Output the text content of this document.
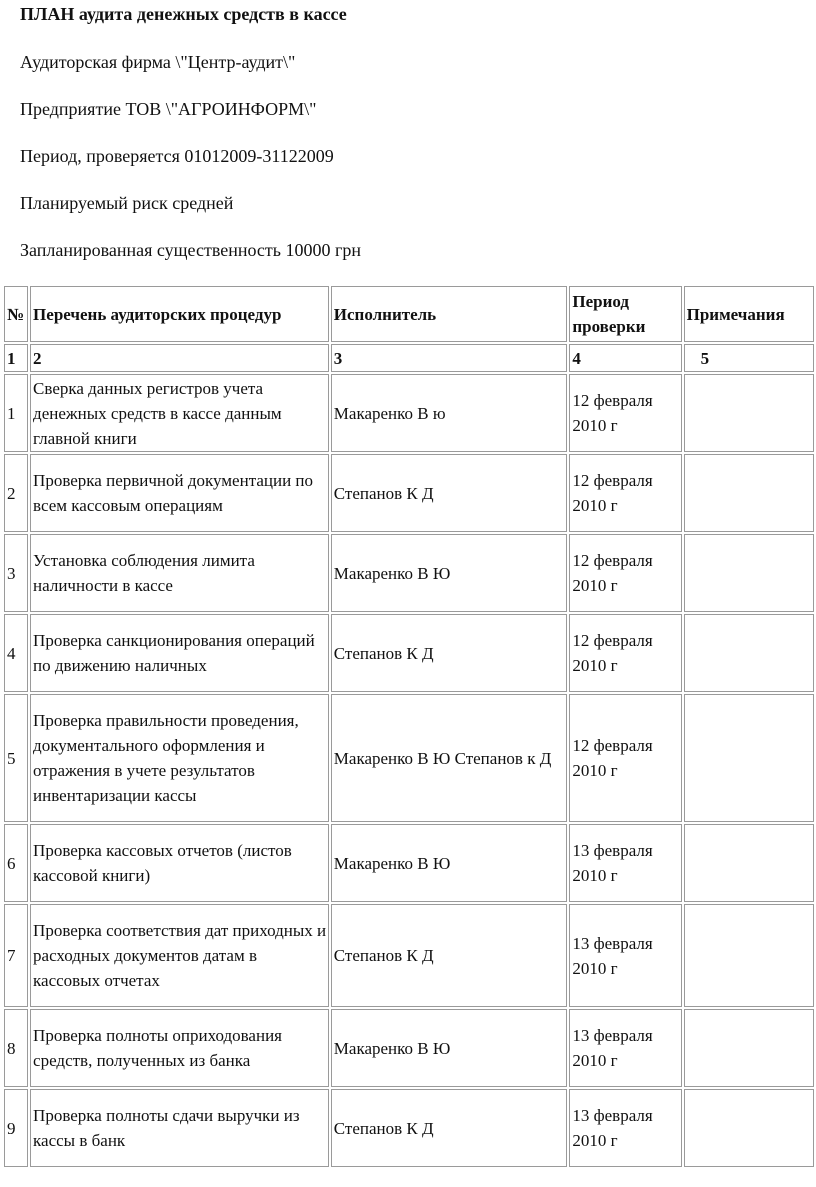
ПЛАН аудита денежных средств в кассе
Аудиторская фирма \"Центр-аудит\"
Предприятие ТОВ \"АГРОИНФОРМ\"
Период, проверяется 01012009-31122009
Планируемый риск средней
Запланированная существенность 10000 грн
№	Перечень аудиторских процедур	Исполнитель	Период проверки	Примечания
1	2	3	4	5
1	Сверка данных регистров учета денежных средств в кассе данным главной книги	Макаренко В ю	12 февраля 2010 г	
2	Проверка первичной документации по всем кассовым операциям	Степанов К Д	12 февраля 2010 г	
3	Установка соблюдения лимита наличности в кассе	Макаренко В Ю	12 февраля 2010 г	
4	Проверка санкционирования операций по движению наличных	Степанов К Д	12 февраля 2010 г	
5	Проверка правильности проведения, документального оформления и отражения в учете результатов инвентаризации кассы	Макаренко В Ю Степанов к Д	12 февраля 2010 г	
6	Проверка кассовых отчетов (листов кассовой книги)	Макаренко В Ю	13 февраля 2010 г	
7	Проверка соответствия дат приходных и расходных документов датам в кассовых отчетах	Степанов К Д	13 февраля 2010 г	
8	Проверка полноты оприходования средств, полученных из банка	Макаренко В Ю	13 февраля 2010 г	
9	Проверка полноты сдачи выручки из кассы в банк	Степанов К Д	13 февраля 2010 г	
